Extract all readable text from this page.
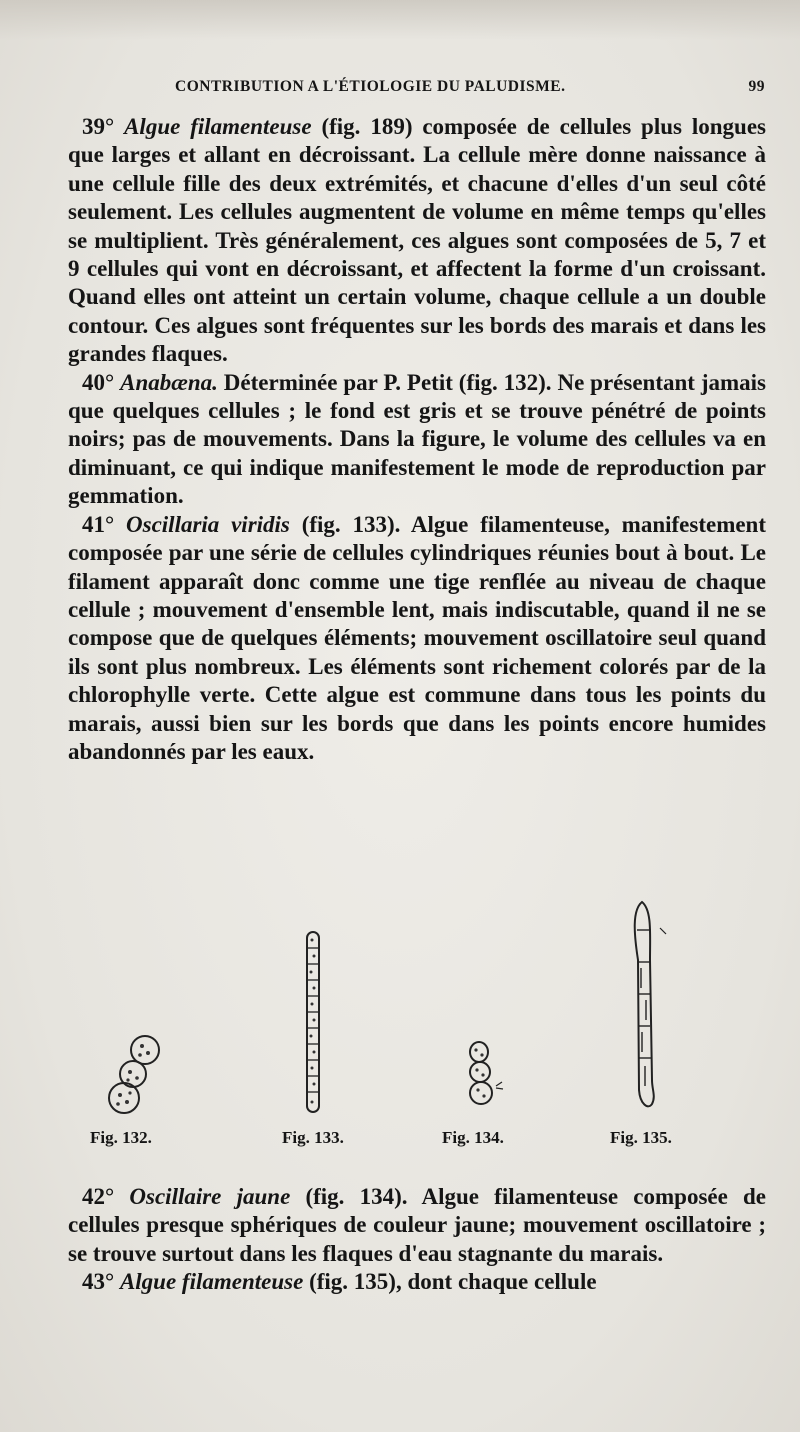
CONTRIBUTION A L'ÉTIOLOGIE DU PALUDISME.	99

39° Algue filamenteuse (fig. 189) composée de cellules plus longues que larges et allant en décroissant. La cellule mère donne naissance à une cellule fille des deux extrémités, et chacune d'elles d'un seul côté seulement. Les cellules augmentent de volume en même temps qu'elles se multiplient. Très généralement, ces algues sont composées de 5, 7 et 9 cellules qui vont en décroissant, et affectent la forme d'un croissant. Quand elles ont atteint un certain volume, chaque cellule a un double contour. Ces algues sont fréquentes sur les bords des marais et dans les grandes flaques.

40° Anabæna. Déterminée par P. Petit (fig. 132). Ne présentant jamais que quelques cellules ; le fond est gris et se trouve pénétré de points noirs; pas de mouvements. Dans la figure, le volume des cellules va en diminuant, ce qui indique manifestement le mode de reproduction par gemmation.

41° Oscillaria viridis (fig. 133). Algue filamenteuse, manifestement composée par une série de cellules cylindriques réunies bout à bout. Le filament apparaît donc comme une tige renflée au niveau de chaque cellule ; mouvement d'ensemble lent, mais indiscutable, quand il ne se compose que de quelques éléments; mouvement oscillatoire seul quand ils sont plus nombreux. Les éléments sont richement colorés par de la chlorophylle verte. Cette algue est commune dans tous les points du marais, aussi bien sur les bords que dans les points encore humides abandonnés par les eaux.

Fig. 132.	Fig. 133.	Fig. 134.	Fig. 135.

42° Oscillaire jaune (fig. 134). Algue filamenteuse composée de cellules presque sphériques de couleur jaune; mouvement oscillatoire ; se trouve surtout dans les flaques d'eau stagnante du marais.

43° Algue filamenteuse (fig. 135), dont chaque cellule
